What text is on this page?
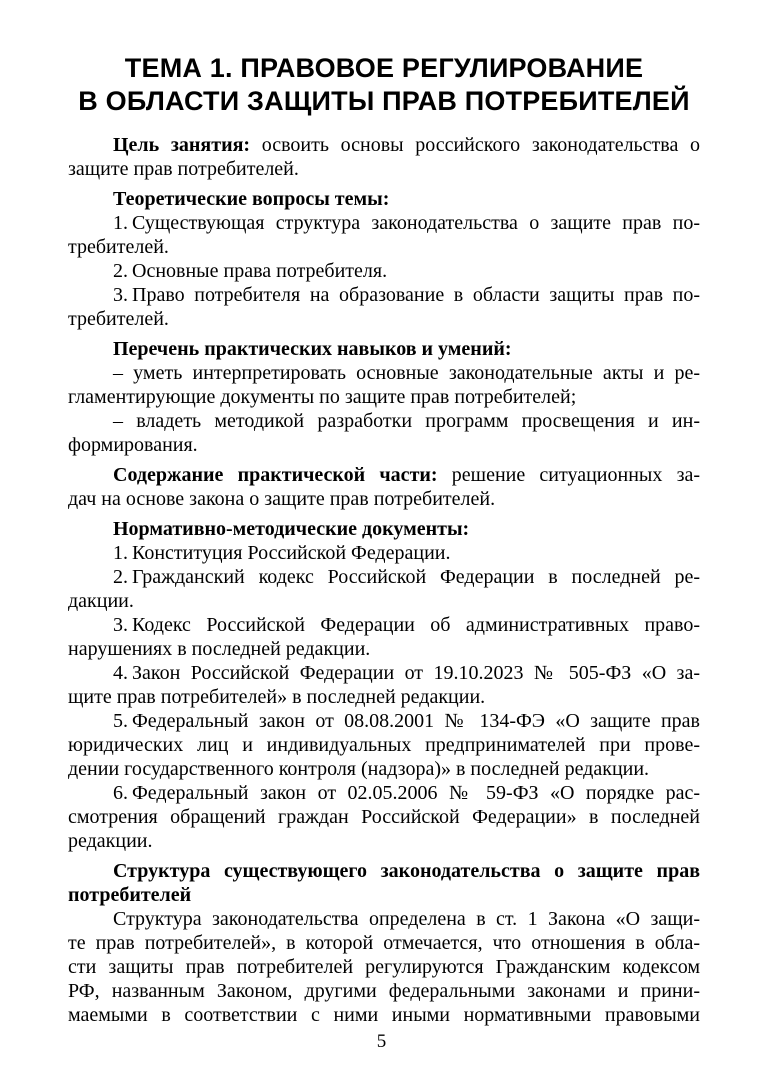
ТЕМА 1. ПРАВОВОЕ РЕГУЛИРОВАНИЕ
В ОБЛАСТИ ЗАЩИТЫ ПРАВ ПОТРЕБИТЕЛЕЙ
Цель занятия: освоить основы российского законодательства о
защите прав потребителей.
Теоретические вопросы темы:
1. Существующая структура законодательства о защите прав по-
требителей.
2. Основные права потребителя.
3. Право потребителя на образование в области защиты прав по-
требителей.
Перечень практических навыков и умений:
– уметь интерпретировать основные законодательные акты и ре-
гламентирующие документы по защите прав потребителей;
– владеть методикой разработки программ просвещения и ин-
формирования.
Содержание практической части: решение ситуационных за-
дач на основе закона о защите прав потребителей.
Нормативно-методические документы:
1. Конституция Российской Федерации.
2. Гражданский кодекс Российской Федерации в последней ре-
дакции.
3. Кодекс Российской Федерации об административных право-
нарушениях в последней редакции.
4. Закон Российской Федерации от 19.10.2023 № 505-ФЗ «О за-
щите прав потребителей» в последней редакции.
5. Федеральный закон от 08.08.2001 № 134-ФЭ «О защите прав
юридических лиц и индивидуальных предпринимателей при прове-
дении государственного контроля (надзора)» в последней редакции.
6. Федеральный закон от 02.05.2006 № 59-ФЗ «О порядке рас-
смотрения обращений граждан Российской Федерации» в последней
редакции.
Структура существующего законодательства о защите прав
потребителей
Структура законодательства определена в ст. 1 Закона «О защи-
те прав потребителей», в которой отмечается, что отношения в обла-
сти защиты прав потребителей регулируются Гражданским кодексом
РФ, названным Законом, другими федеральными законами и прини-
маемыми в соответствии с ними иными нормативными правовыми
5
